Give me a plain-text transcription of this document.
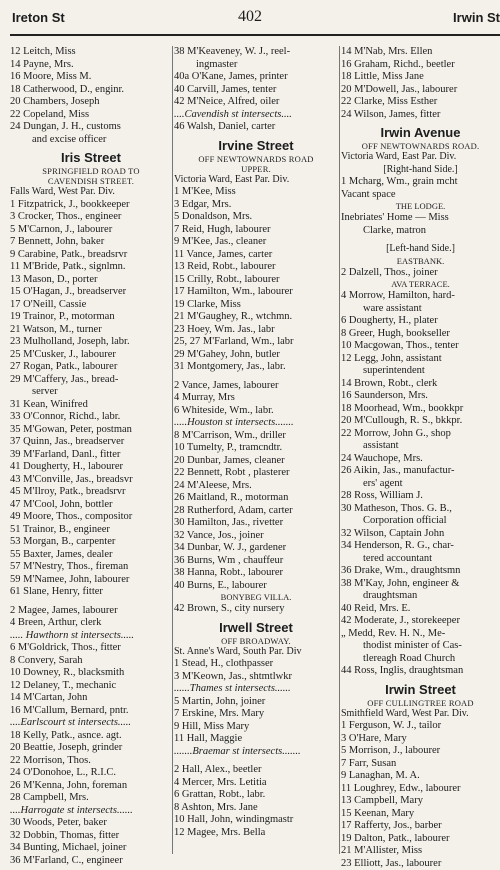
Ireton St	402	Irwin St
12 Leitch, Miss
14 Payne, Mrs.
16 Moore, Miss M.
18 Catherwood, D., enginr.
20 Chambers, Joseph
22 Copeland, Miss
24 Dungan, J. H., customs
and excise officer
Iris Street
SPRINGFIELD ROAD TO
CAVENDISH STREET.
Falls Ward, West Par. Div.
1 Fitzpatrick, J., bookkeeper
3 Crocker, Thos., engineer
5 M'Carnon, J., labourer
7 Bennett, John, baker
9 Carabine, Patk., breadsrvr
11 M'Bride, Patk., signlmn.
13 Mason, D., porter
15 O'Hagan, J., breadserver
17 O'Neill, Cassie
19 Trainor, P., motorman
21 Watson, M., turner
23 Mulholland, Joseph, labr.
25 M'Cusker, J., labourer
27 Rogan, Patk., labourer
29 M'Caffery, Jas., bread-
server
31 Kean, Winifred
33 O'Connor, Richd., labr.
35 M'Gowan, Peter, postman
37 Quinn, Jas., breadserver
39 M'Farland, Danl., fitter
41 Dougherty, H., labourer
43 M'Conville, Jas., breadsvr
45 M'Ilroy, Patk., breadsrvr
47 M'Cool, John, bottler
49 Moore, Thos., compositor
51 Trainor, B., engineer
53 Morgan, B., carpenter
55 Baxter, James, dealer
57 M'Nestry, Thos., fireman
59 M'Namee, John, labourer
61 Slane, Henry, fitter
2 Magee, James, labourer
4 Breen, Arthur, clerk
..... Hawthorn st intersects.....
6 M'Goldrick, Thos., fitter
8 Convery, Sarah
10 Downey, R., blacksmith
12 Delaney, T., mechanic
14 M'Cartan, John
16 M'Callum, Bernard, pntr.
....Earlscourt st intersects.....
18 Kelly, Patk., asnce. agt.
20 Beattie, Joseph, grinder
22 Morrison, Thos.
24 O'Donohoe, L., R.I.C.
26 M'Kenna, John, foreman
28 Campbell, Mrs.
....Harrogate st intersects......
30 Woods, Peter, baker
32 Dobbin, Thomas, fitter
34 Bunting, Michael, joiner
36 M'Farland, C., engineer
38 M'Keaveney, W. J., reel-
ingmaster
40a O'Kane, James, printer
40 Carvill, James, tenter
42 M'Neice, Alfred, oiler
....Cavendish st intersects....
46 Walsh, Daniel, carter
Irvine Street
OFF NEWTOWNARDS ROAD
UPPER.
Victoria Ward, East Par. Div.
1 M'Kee, Miss
3 Edgar, Mrs.
5 Donaldson, Mrs.
7 Reid, Hugh, labourer
9 M'Kee, Jas., cleaner
11 Vance, James, carter
13 Reid, Robt., labourer
15 Crilly, Robt., labourer
17 Hamilton, Wm., labourer
19 Clarke, Miss
21 M'Gaughey, R., wtchmn.
23 Hoey, Wm. Jas., labr
25, 27 M'Farland, Wm., labr
29 M'Gahey, John, butler
31 Montgomery, Jas., labr.
2 Vance, James, labourer
4 Murray, Mrs
6 Whiteside, Wm., labr.
.....Houston st intersects.......
8 M'Carrison, Wm., driller
10 Tumelty, P., tramcndtr.
20 Dunbar, James, cleaner
22 Bennett, Robt , plasterer
24 M'Aleese, Mrs.
26 Maitland, R., motorman
28 Rutherford, Adam, carter
30 Hamilton, Jas., rivetter
32 Vance, Jos., joiner
34 Dunbar, W. J., gardener
36 Burns, Wm , chauffeur
38 Hanna, Robt., labourer
40 Burns, E., labourer
BONYBEG VILLA.
42 Brown, S., city nursery
Irwell Street
OFF BROADWAY.
St. Anne's Ward, South Par. Div
1 Stead, H., clothpasser
3 M'Keown, Jas., shtmtlwkr
......Thames st intersects......
5 Martin, John, joiner
7 Erskine, Mrs. Mary
9 Hill, Miss Mary
11 Hall, Maggie
.......Braemar st intersects.......
2 Hall, Alex., beetler
4 Mercer, Mrs. Letitia
6 Grattan, Robt., labr.
8 Ashton, Mrs. Jane
10 Hall, John, windingmastr
12 Magee, Mrs. Bella
14 M'Nab, Mrs. Ellen
16 Graham, Richd., beetler
18 Little, Miss Jane
20 M'Dowell, Jas., labourer
22 Clarke, Miss Esther
24 Wilson, James, fitter
Irwin Avenue
OFF NEWTOWNARDS ROAD.
Victoria Ward, East Par. Div.
[Right-hand Side.]
1 Mcharg, Wm., grain mcht
Vacant space
THE LODGE.
Inebriates' Home — Miss
Clarke, matron
[Left-hand Side.]
EASTBANK.
2 Dalzell, Thos., joiner
AVA TERRACE.
4 Morrow, Hamilton, hard-
ware assistant
6 Dougherty, H., plater
8 Greer, Hugh, bookseller
10 Macgowan, Thos., tenter
12 Legg, John, assistant
superintendent
14 Brown, Robt., clerk
16 Saunderson, Mrs.
18 Moorhead, Wm., bookkpr
20 M'Cullough, R. S., bkkpr.
22 Morrow, John G., shop
assistant
24 Wauchope, Mrs.
26 Aikin, Jas., manufactur-
ers' agent
28 Ross, William J.
30 Matheson, Thos. G. B.,
Corporation official
32 Wilson, Captain John
34 Henderson, R. G., char-
tered accountant
36 Drake, Wm., draughtsmn
38 M'Kay, John, engineer &
draughtsman
40 Reid, Mrs. E.
42 Moderate, J., storekeeper
„ Medd, Rev. H. N., Me-
thodist minister of Cas-
tlereagh Road Church
44 Ross, Inglis, draughtsman
Irwin Street
OFF CULLINGTREE ROAD
Smithfield Ward, West Par. Div.
1 Ferguson, W. J., tailor
3 O'Hare, Mary
5 Morrison, J., labourer
7 Farr, Susan
9 Lanaghan, M. A.
11 Loughrey, Edw., labourer
13 Campbell, Mary
15 Keenan, Mary
17 Rafferty, Jos., barber
19 Dalton, Patk., labourer
21 M'Allister, Miss
23 Elliott, Jas., labourer
